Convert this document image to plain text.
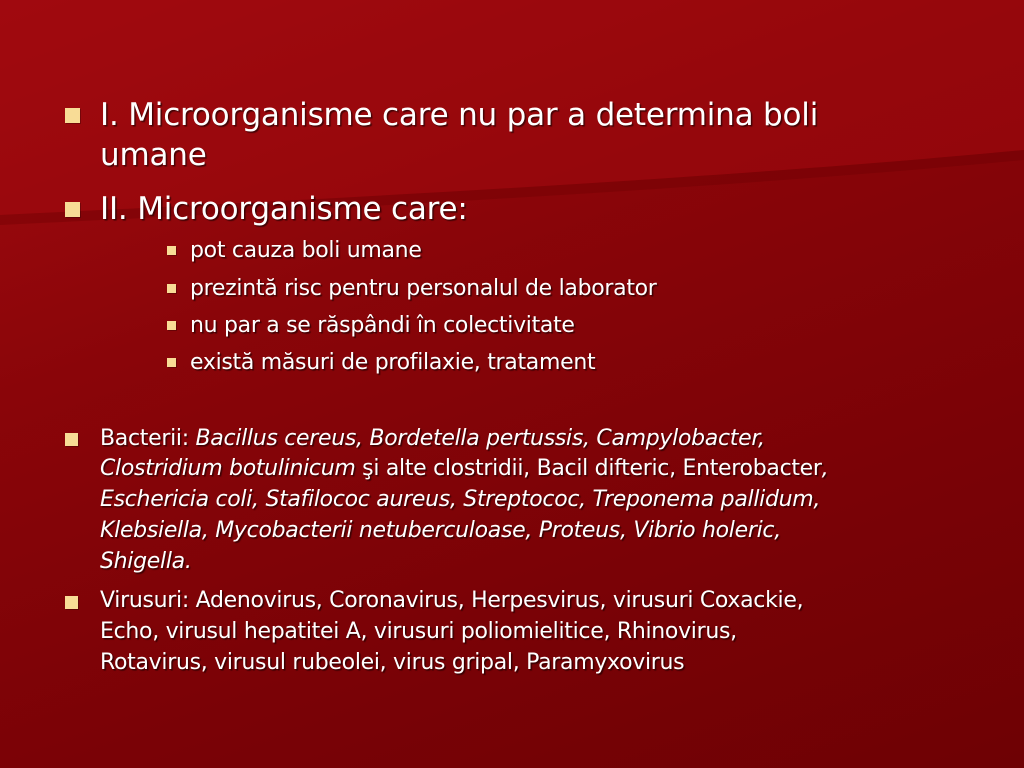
I. Microorganisme care nu par a determina boli
umane
II. Microorganisme care:
pot cauza boli umane
prezintă risc pentru personalul de laborator
nu par a se răspândi în colectivitate
există măsuri de profilaxie, tratament
Bacterii: Bacillus cereus, Bordetella pertussis, Campylobacter,
Clostridium botulinicum şi alte clostridii, Bacil difteric, Enterobacter,
Eschericia coli, Stafilococ aureus, Streptococ, Treponema pallidum,
Klebsiella, Mycobacterii netuberculoase, Proteus, Vibrio holeric,
Shigella.
Virusuri: Adenovirus, Coronavirus, Herpesvirus, virusuri Coxackie,
Echo, virusul hepatitei A, virusuri poliomielitice, Rhinovirus,
Rotavirus, virusul rubeolei, virus gripal, Paramyxovirus
